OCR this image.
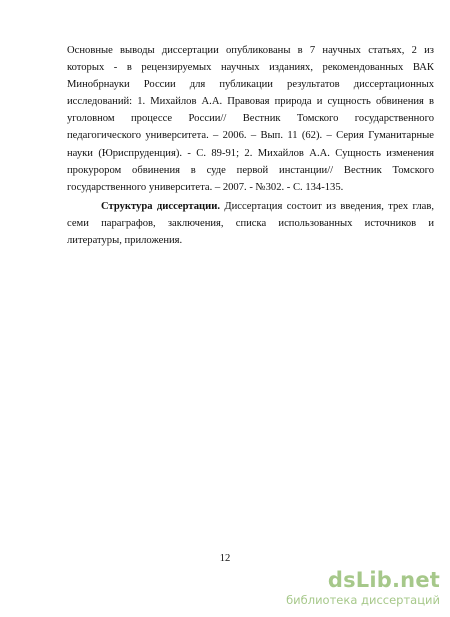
Основные выводы диссертации опубликованы в 7 научных статьях, 2 из
которых - в рецензируемых научных изданиях, рекомендованных ВАК
Минобрнауки России для публикации результатов диссертационных
исследований: 1. Михайлов А.А. Правовая природа и сущность обвинения в
уголовном процессе России// Вестник Томского государственного
педагогического университета. – 2006. – Вып. 11 (62). – Серия Гуманитарные
науки (Юриспруденция). - С. 89-91; 2. Михайлов А.А. Сущность изменения
прокурором обвинения в суде первой инстанции// Вестник Томского
государственного университета. – 2007. - №302. - С. 134-135.
Структура диссертации. Диссертация состоит из введения, трех глав,
семи параграфов, заключения, списка использованных источников и
литературы, приложения.
12
dsLib.net
библиотека диссертаций
